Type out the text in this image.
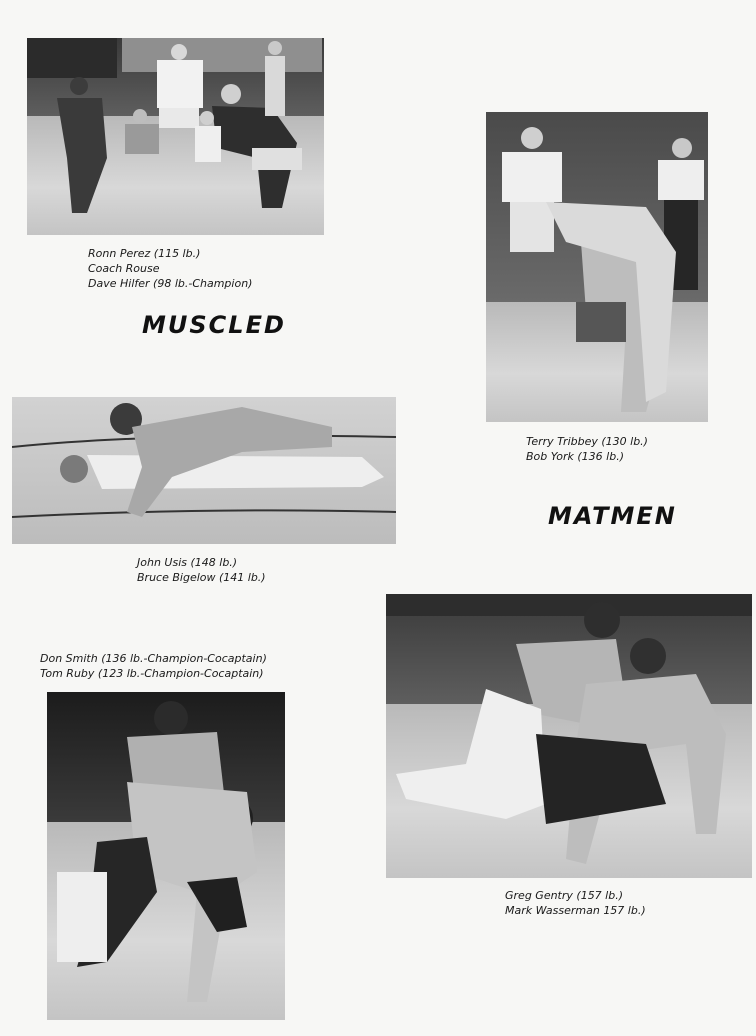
Ronn Perez (115 lb.)
Coach Rouse
Dave Hilfer (98 lb.-Champion)
MUSCLED
Terry Tribbey (130 lb.)
Bob York (136 lb.)
John Usis (148 lb.)
Bruce Bigelow (141 lb.)
MATMEN
Greg Gentry (157 lb.)
Mark Wasserman 157 lb.)
Don Smith (136 lb.-Champion-Cocaptain)
Tom Ruby (123 lb.-Champion-Cocaptain)
